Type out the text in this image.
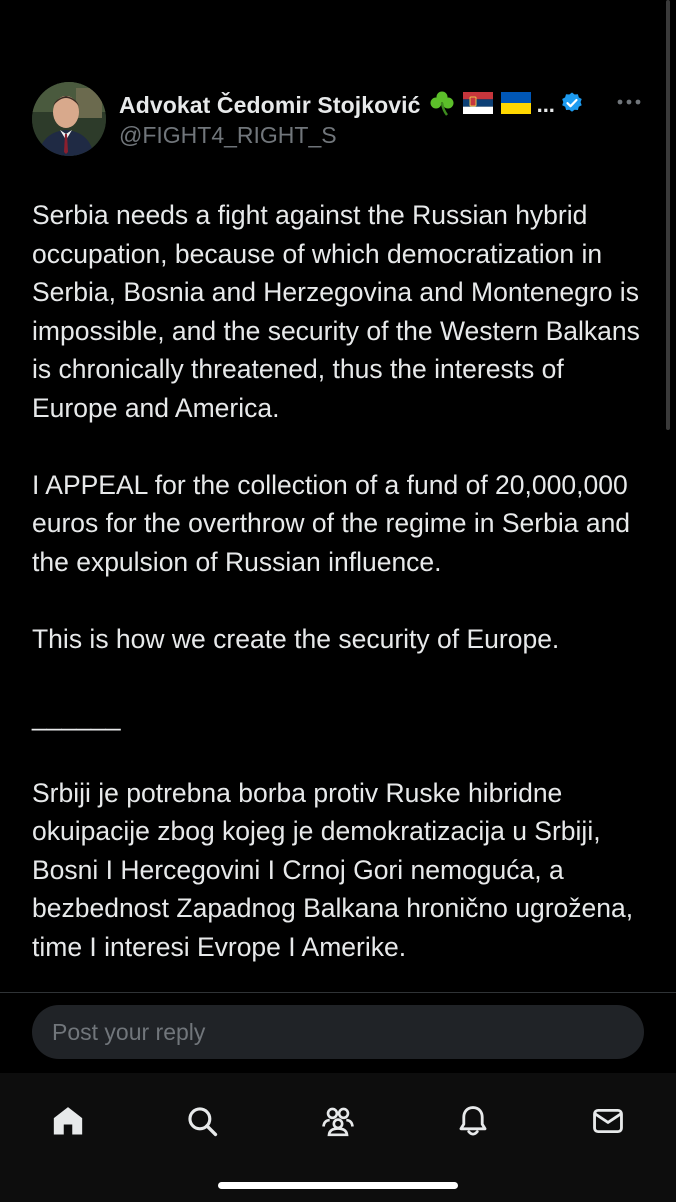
Advokat Čedomir Stojković	...
@FIGHT4_RIGHT_S

Serbia needs a fight against the Russian hybrid occupation, because of which democratization in Serbia, Bosnia and Herzegovina and Montenegro is impossible, and the security of the Western Balkans is chronically threatened, thus the interests of Europe and America.

I APPEAL for the collection of a fund of 20,000,000 euros for the overthrow of the regime in Serbia and the expulsion of Russian influence.

This is how we create the security of Europe.

______

Srbiji je potrebna borba protiv Ruske hibridne okuipacije zbog kojeg je demokratizacija u Srbiji, Bosni I Hercegovini I Crnoj Gori nemoguća, a bezbednost Zapadnog Balkana hronično ugrožena, time I interesi Evrope I Amerike.

Post your reply
